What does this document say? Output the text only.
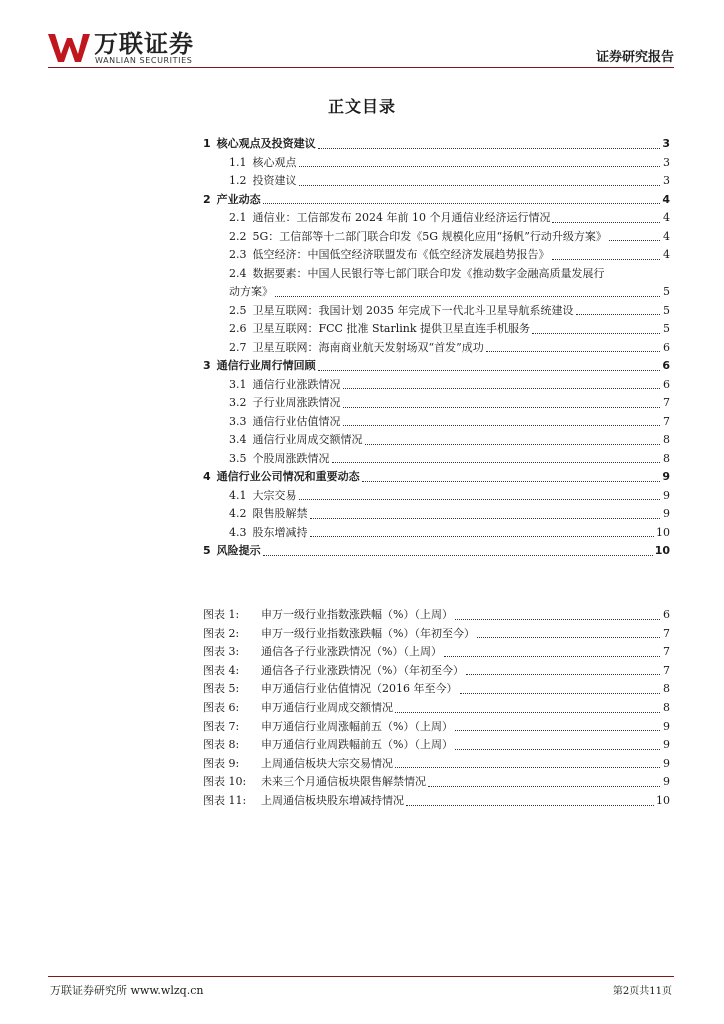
万联证券
WANLIAN SECURITIES	证券研究报告
正文目录
1 核心观点及投资建议	3
1.1 核心观点	3
1.2 投资建议	3
2 产业动态	4
2.1 通信业：工信部发布 2024 年前 10 个月通信业经济运行情况	4
2.2 5G：工信部等十二部门联合印发《5G 规模化应用“扬帆”行动升级方案》	4
2.3 低空经济：中国低空经济联盟发布《低空经济发展趋势报告》	4
2.4 数据要素：中国人民银行等七部门联合印发《推动数字金融高质量发展行
动方案》	5
2.5 卫星互联网：我国计划 2035 年完成下一代北斗卫星导航系统建设	5
2.6 卫星互联网：FCC 批准 Starlink 提供卫星直连手机服务	5
2.7 卫星互联网：海南商业航天发射场双“首发”成功	6
3 通信行业周行情回顾	6
3.1 通信行业涨跌情况	6
3.2 子行业周涨跌情况	7
3.3 通信行业估值情况	7
3.4 通信行业周成交额情况	8
3.5 个股周涨跌情况	8
4 通信行业公司情况和重要动态	9
4.1 大宗交易	9
4.2 限售股解禁	9
4.3 股东增减持	10
5 风险提示	10
图表 1:	申万一级行业指数涨跌幅（%）（上周）	6
图表 2:	申万一级行业指数涨跌幅（%）（年初至今）	7
图表 3:	通信各子行业涨跌情况（%）（上周）	7
图表 4:	通信各子行业涨跌情况（%）（年初至今）	7
图表 5:	申万通信行业估值情况（2016 年至今）	8
图表 6:	申万通信行业周成交额情况	8
图表 7:	申万通信行业周涨幅前五（%）（上周）	9
图表 8:	申万通信行业周跌幅前五（%）（上周）	9
图表 9:	上周通信板块大宗交易情况	9
图表 10:	未来三个月通信板块限售解禁情况	9
图表 11:	上周通信板块股东增减持情况	10
万联证券研究所 www.wlzq.cn	第2页共11页
